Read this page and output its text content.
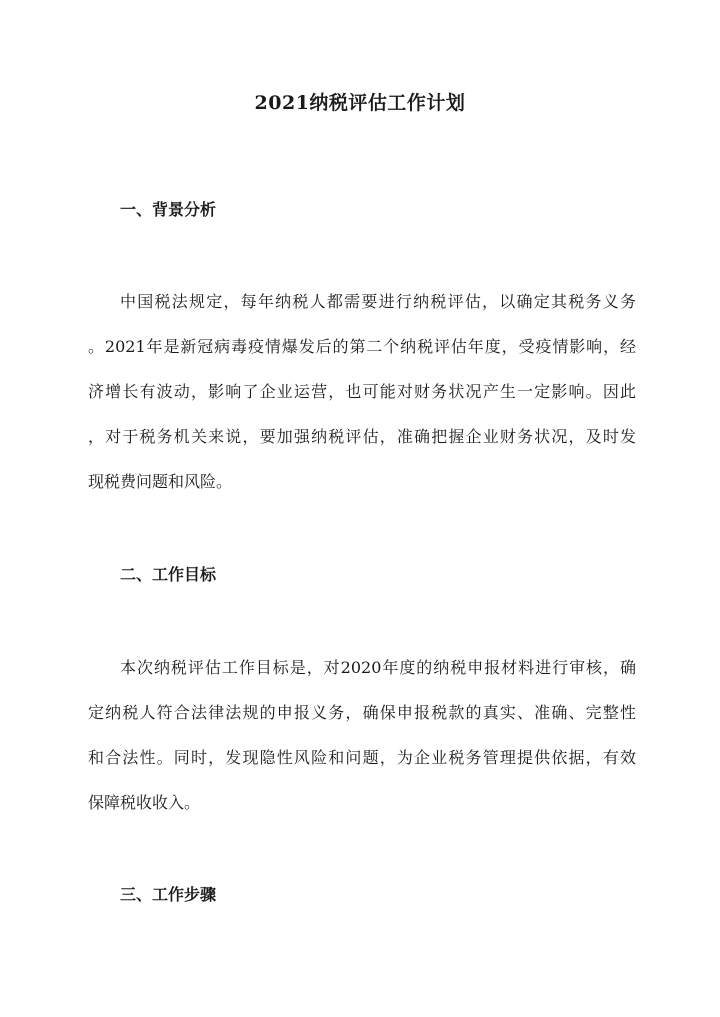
2021纳税评估工作计划
一、背景分析
中国税法规定，每年纳税人都需要进行纳税评估，以确定其税务义务
。2021年是新冠病毒疫情爆发后的第二个纳税评估年度，受疫情影响，经
济增长有波动，影响了企业运营，也可能对财务状况产生一定影响。因此
，对于税务机关来说，要加强纳税评估，准确把握企业财务状况，及时发
现税费问题和风险。
二、工作目标
本次纳税评估工作目标是，对2020年度的纳税申报材料进行审核，确
定纳税人符合法律法规的申报义务，确保申报税款的真实、准确、完整性
和合法性。同时，发现隐性风险和问题，为企业税务管理提供依据，有效
保障税收收入。
三、工作步骤
